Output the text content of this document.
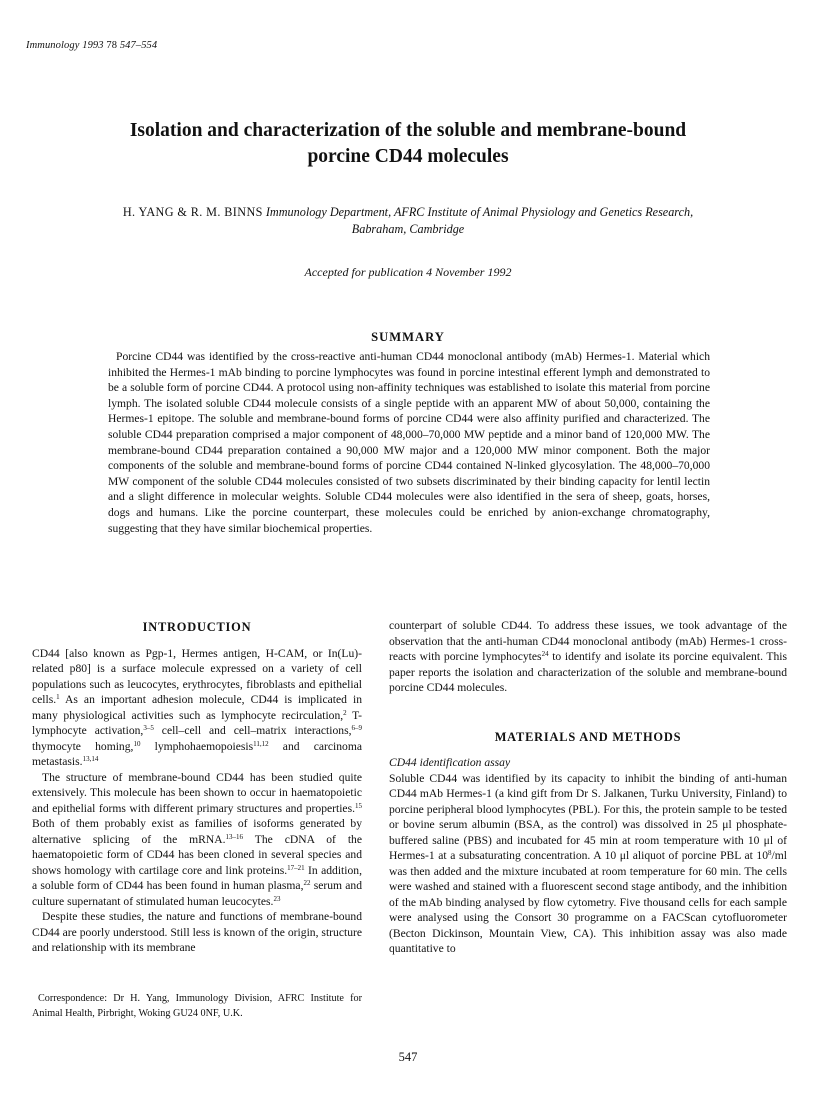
Immunology 1993 78 547–554
Isolation and characterization of the soluble and membrane-bound
porcine CD44 molecules
H. YANG & R. M. BINNS Immunology Department, AFRC Institute of Animal Physiology and Genetics Research,
Babraham, Cambridge
Accepted for publication 4 November 1992
SUMMARY
Porcine CD44 was identified by the cross-reactive anti-human CD44 monoclonal antibody (mAb) Hermes-1. Material which inhibited the Hermes-1 mAb binding to porcine lymphocytes was found in porcine intestinal efferent lymph and demonstrated to be a soluble form of porcine CD44. A protocol using non-affinity techniques was established to isolate this material from porcine lymph. The isolated soluble CD44 molecule consists of a single peptide with an apparent MW of about 50,000, containing the Hermes-1 epitope. The soluble and membrane-bound forms of porcine CD44 were also affinity purified and characterized. The soluble CD44 preparation comprised a major component of 48,000–70,000 MW peptide and a minor band of 120,000 MW. The membrane-bound CD44 preparation contained a 90,000 MW major and a 120,000 MW minor component. Both the major components of the soluble and membrane-bound forms of porcine CD44 contained N-linked glycosylation. The 48,000–70,000 MW component of the soluble CD44 molecules consisted of two subsets discriminated by their binding capacity for lentil lectin and a slight difference in molecular weights. Soluble CD44 molecules were also identified in the sera of sheep, goats, horses, dogs and humans. Like the porcine counterpart, these molecules could be enriched by anion-exchange chromatography, suggesting that they have similar biochemical properties.
INTRODUCTION

CD44 [also known as Pgp-1, Hermes antigen, H-CAM, or In(Lu)-related p80] is a surface molecule expressed on a variety of cell populations such as leucocytes, erythrocytes, fibroblasts and epithelial cells.$^1$ As an important adhesion molecule, CD44 is implicated in many physiological activities such as lymphocyte recirculation,$^2$ T-lymphocyte activation,$^{3-5}$ cell–cell and cell–matrix interactions,$^{6-9}$ thymocyte homing,$^{10}$ lymphohaemopoiesis$^{11,12}$ and carcinoma metastasis.$^{13,14}$

The structure of membrane-bound CD44 has been studied quite extensively. This molecule has been shown to occur in haematopoietic and epithelial forms with different primary structures and properties.$^{15}$ Both of them probably exist as families of isoforms generated by alternative splicing of the mRNA.$^{13-16}$ The cDNA of the haematopoietic form of CD44 has been cloned in several species and shows homology with cartilage core and link proteins.$^{17-21}$ In addition, a soluble form of CD44 has been found in human plasma,$^{22}$ serum and culture supernatant of stimulated human leucocytes.$^{23}$

Despite these studies, the nature and functions of membrane-bound CD44 are poorly understood. Still less is known of the origin, structure and relationship with its membrane

counterpart of soluble CD44. To address these issues, we took advantage of the observation that the anti-human CD44 monoclonal antibody (mAb) Hermes-1 cross-reacts with porcine lymphocytes$^{24}$ to identify and isolate its porcine equivalent. This paper reports the isolation and characterization of the soluble and membrane-bound porcine CD44 molecules.

MATERIALS AND METHODS

CD44 identification assay

Soluble CD44 was identified by its capacity to inhibit the binding of anti-human CD44 mAb Hermes-1 (a kind gift from Dr S. Jalkanen, Turku University, Finland) to porcine peripheral blood lymphocytes (PBL). For this, the protein sample to be tested or bovine serum albumin (BSA, as the control) was dissolved in 25 μl phosphate-buffered saline (PBS) and incubated for 45 min at room temperature with 10 μl of Hermes-1 at a subsaturating concentration. A 10 μl aliquot of porcine PBL at $10^8/ml$ was then added and the mixture incubated at room temperature for 60 min. The cells were washed and stained with a fluorescent second stage antibody, and the inhibition of the mAb binding analysed by flow cytometry. Five thousand cells for each sample were analysed using the Consort 30 programme on a FACScan cytofluorometer (Becton Dickinson, Mountain View, CA). This inhibition assay was also made quantitative to

Correspondence: Dr H. Yang, Immunology Division, AFRC Institute for Animal Health, Pirbright, Woking GU24 0NF, U.K.
547
